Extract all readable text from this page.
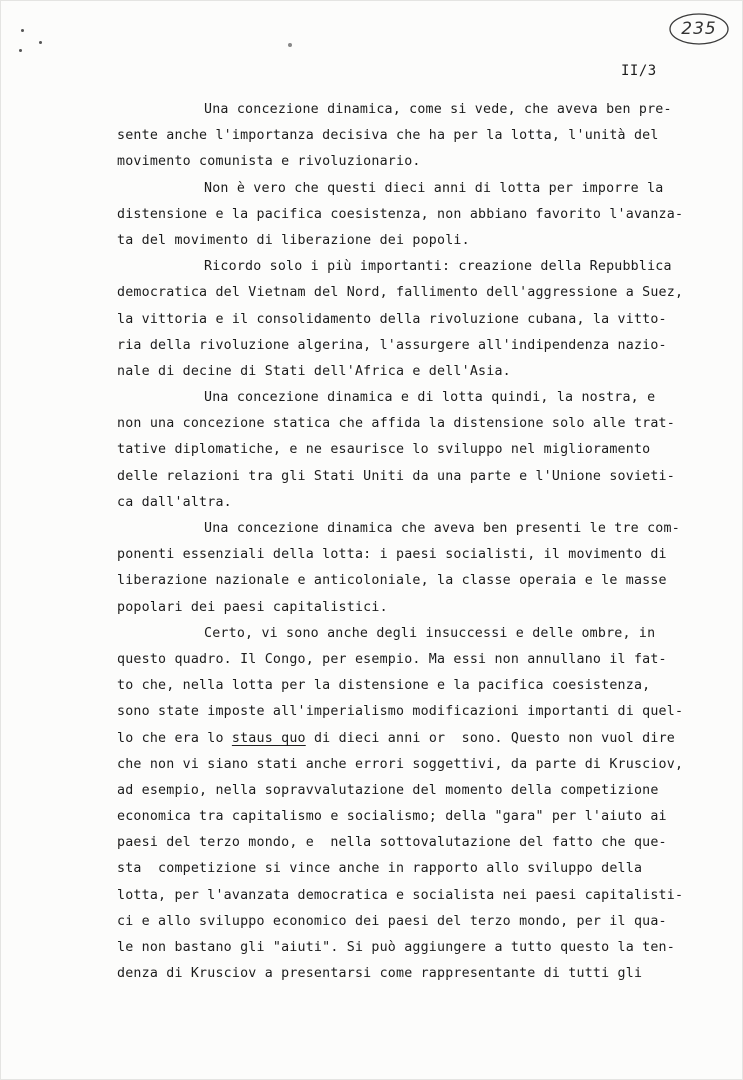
235
II/3
Una concezione dinamica, come si vede, che aveva ben pre-
sente anche l'importanza decisiva che ha per la lotta, l'unità del
movimento comunista e rivoluzionario.
Non è vero che questi dieci anni di lotta per imporre la
distensione e la pacifica coesistenza, non abbiano favorito l'avanza-
ta del movimento di liberazione dei popoli.
Ricordo solo i più importanti: creazione della Repubblica
democratica del Vietnam del Nord, fallimento dell'aggressione a Suez,
la vittoria e il consolidamento della rivoluzione cubana, la vitto-
ria della rivoluzione algerina, l'assurgere all'indipendenza nazio-
nale di decine di Stati dell'Africa e dell'Asia.
Una concezione dinamica e di lotta quindi, la nostra, e
non una concezione statica che affida la distensione solo alle trat-
tative diplomatiche, e ne esaurisce lo sviluppo nel miglioramento
delle relazioni tra gli Stati Uniti da una parte e l'Unione sovieti-
ca dall'altra.
Una concezione dinamica che aveva ben presenti le tre com-
ponenti essenziali della lotta: i paesi socialisti, il movimento di
liberazione nazionale e anticoloniale, la classe operaia e le masse
popolari dei paesi capitalistici.
Certo, vi sono anche degli insuccessi e delle ombre, in
questo quadro. Il Congo, per esempio. Ma essi non annullano il fat-
to che, nella lotta per la distensione e la pacifica coesistenza,
sono state imposte all'imperialismo modificazioni importanti di quel-
lo che era lo staus quo di dieci anni or  sono. Questo non vuol dire
che non vi siano stati anche errori soggettivi, da parte di Krusciov,
ad esempio, nella sopravvalutazione del momento della competizione
economica tra capitalismo e socialismo; della "gara" per l'aiuto ai
paesi del terzo mondo, e  nella sottovalutazione del fatto che que-
sta  competizione si vince anche in rapporto allo sviluppo della
lotta, per l'avanzata democratica e socialista nei paesi capitalisti-
ci e allo sviluppo economico dei paesi del terzo mondo, per il qua-
le non bastano gli "aiuti". Si può aggiungere a tutto questo la ten-
denza di Krusciov a presentarsi come rappresentante di tutti gli
